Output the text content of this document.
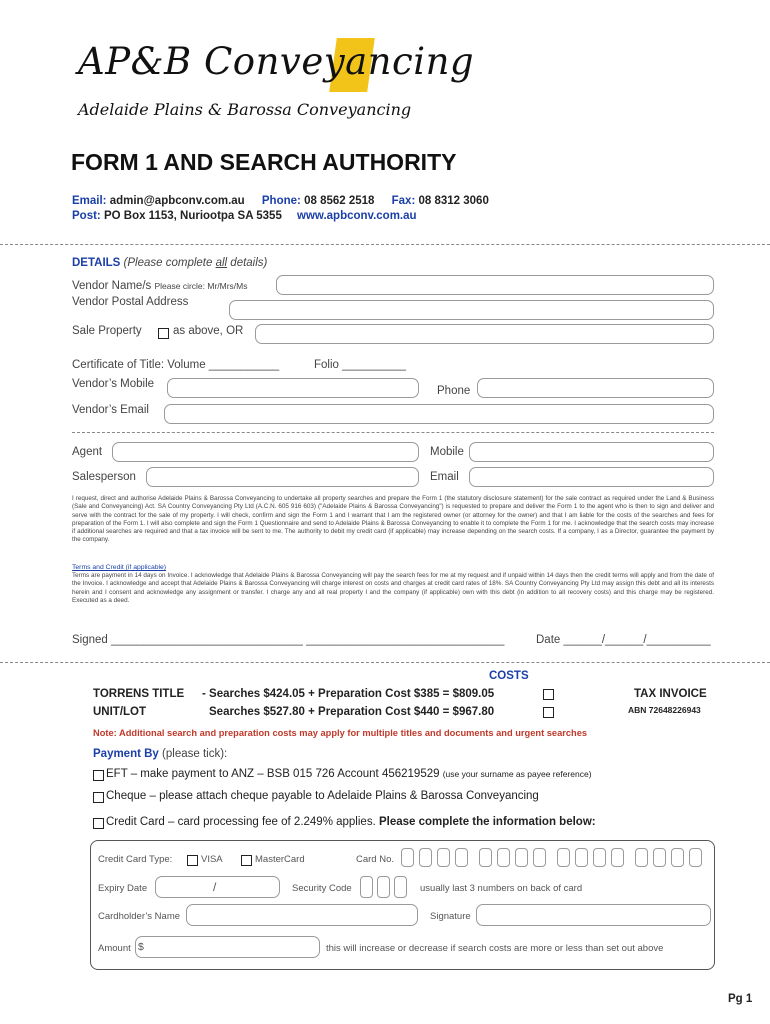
AP&B Conveyancing
Adelaide Plains & Barossa Conveyancing
FORM 1 AND SEARCH AUTHORITY
Email: admin@apbconv.com.au Phone: 08 8562 2518 Fax: 08 8312 3060
Post: PO Box 1153, Nuriootpa SA 5355 www.apbconv.com.au
DETAILS (Please complete all details)
Vendor Name/s Please circle: Mr/Mrs/Ms
Vendor Postal Address
Sale Property	as above, OR
Certificate of Title: Volume ___________	Folio __________
Vendor’s Mobile
Phone
Vendor’s Email
Agent	Mobile
Salesperson	Email
I request, direct and authorise Adelaide Plains & Barossa Conveyancing to undertake all property searches and prepare the Form 1 (the statutory disclosure statement) for the sale contract as required under the Land & Business (Sale and Conveyancing) Act. SA Country Conveyancing Pty Ltd (A.C.N. 605 916 603) ("Adelaide Plains & Barossa Conveyancing") is requested to prepare and deliver the Form 1 to the agent who is then to sign and deliver and serve with the contract for the sale of my property. I will check, confirm and sign the Form 1 and I warrant that I am the registered owner (or attorney for the owner) and that I am liable for the costs of the searches and fees for preparation of the Form 1. I will also complete and sign the Form 1 Questionnaire and send to Adelaide Plains & Barossa Conveyancing to enable it to complete the Form 1 for me. I acknowledge that the search costs may increase if additional searches are required and that a tax invoice will be sent to me. The authority to debit my credit card (if applicable) may increase depending on the search costs. If a company, I as a Director, guarantee the payment by the company.
Terms and Credit (if applicable)
Terms are payment in 14 days on Invoice. I acknowledge that Adelaide Plains & Barossa Conveyancing will pay the search fees for me at my request and if unpaid within 14 days then the credit terms will apply and from the date of the Invoice. I acknowledge and accept that Adelaide Plains & Barossa Conveyancing will charge interest on costs and charges at credit card rates of 18%. SA Country Conveyancing Pty Ltd may assign this debt and all its interests herein and I consent and acknowledge any assignment or transfer. I charge any and all real property I and the company (if applicable) own with this debt (in addition to all recovery costs) and this charge may be registered. Executed as a deed.
Signed ______________________________ _______________________________	Date ______/______/__________
COSTS
TORRENS TITLE - Searches $424.05 + Preparation Cost $385 = $809.05
UNIT/LOT	Searches $527.80 + Preparation Cost $440 = $967.80
TAX INVOICE
ABN 72648226943
Note: Additional search and preparation costs may apply for multiple titles and documents and urgent searches
Payment By (please tick):
EFT – make payment to ANZ – BSB 015 726 Account 456219529 (use your surname as payee reference)
Cheque – please attach cheque payable to Adelaide Plains & Barossa Conveyancing
Credit Card – card processing fee of 2.249% applies. Please complete the information below:
Credit Card Type:	VISA	MasterCard	Card No.
Expiry Date	/	Security Code	usually last 3 numbers on back of card
Cardholder’s Name	Signature
Amount $	this will increase or decrease if search costs are more or less than set out above
Pg 1
